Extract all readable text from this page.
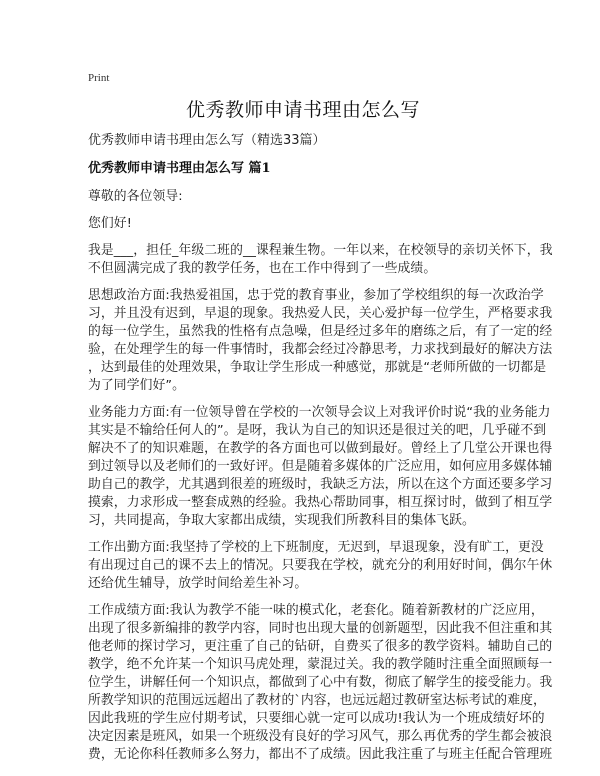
Print
优秀教师申请书理由怎么写
优秀教师申请书理由怎么写（精选33篇）
优秀教师申请书理由怎么写 篇1

尊敬的各位领导:

您们好!

我是___，担任_年级二班的__课程兼生物。一年以来，在校领导的亲切关怀下，我
不但圆满完成了我的教学任务，也在工作中得到了一些成绩。

思想政治方面:我热爱祖国，忠于党的教育事业，参加了学校组织的每一次政治学
习，并且没有迟到，早退的现象。我热爱人民，关心爱护每一位学生，严格要求我
的每一位学生，虽然我的性格有点急噪，但是经过多年的磨练之后，有了一定的经
验，在处理学生的每一件事情时，我都会经过冷静思考，力求找到最好的解决方法
，达到最佳的处理效果，争取让学生形成一种感觉，那就是“老师所做的一切都是
为了同学们好”。

业务能力方面:有一位领导曾在学校的一次领导会议上对我评价时说“我的业务能力
其实是不输给任何人的”。是呀，我认为自己的知识还是很过关的吧，几乎碰不到
解决不了的知识难题，在教学的各方面也可以做到最好。曾经上了几堂公开课也得
到过领导以及老师们的一致好评。但是随着多媒体的广泛应用，如何应用多媒体辅
助自己的教学，尤其遇到很差的班级时，我缺乏方法，所以在这个方面还要多学习
摸索，力求形成一整套成熟的经验。我热心帮助同事，相互探讨时，做到了相互学
习，共同提高，争取大家都出成绩，实现我们所教科目的集体飞跃。

工作出勤方面:我坚持了学校的上下班制度，无迟到，早退现象，没有旷工，更没
有出现过自己的课不去上的情况。只要我在学校，就充分的利用好时间，偶尔午休
还给优生辅导，放学时间给差生补习。

工作成绩方面:我认为教学不能一味的模式化，老套化。随着新教材的广泛应用，
出现了很多新编排的教学内容，同时也出现大量的创新题型，因此我不但注重和其
他老师的探讨学习，更注重了自己的钻研，自费买了很多的教学资料。辅助自己的
教学，绝不允许某一个知识马虎处理，蒙混过关。我的教学随时注重全面照顾每一
位学生，讲解任何一个知识点，都做到了心中有数，彻底了解学生的接受能力。我
所教学知识的范围远远超出了教材的`内容，也远远超过教研室达标考试的难度，
因此我班的学生应付期考试，只要细心就一定可以成功!我认为一个班成绩好坏的
决定因素是班风，如果一个班级没有良好的学习风气，那么再优秀的学生都会被浪
费，无论你科任教师多么努力，都出不了成绩。因此我注重了与班主任配合管理班
